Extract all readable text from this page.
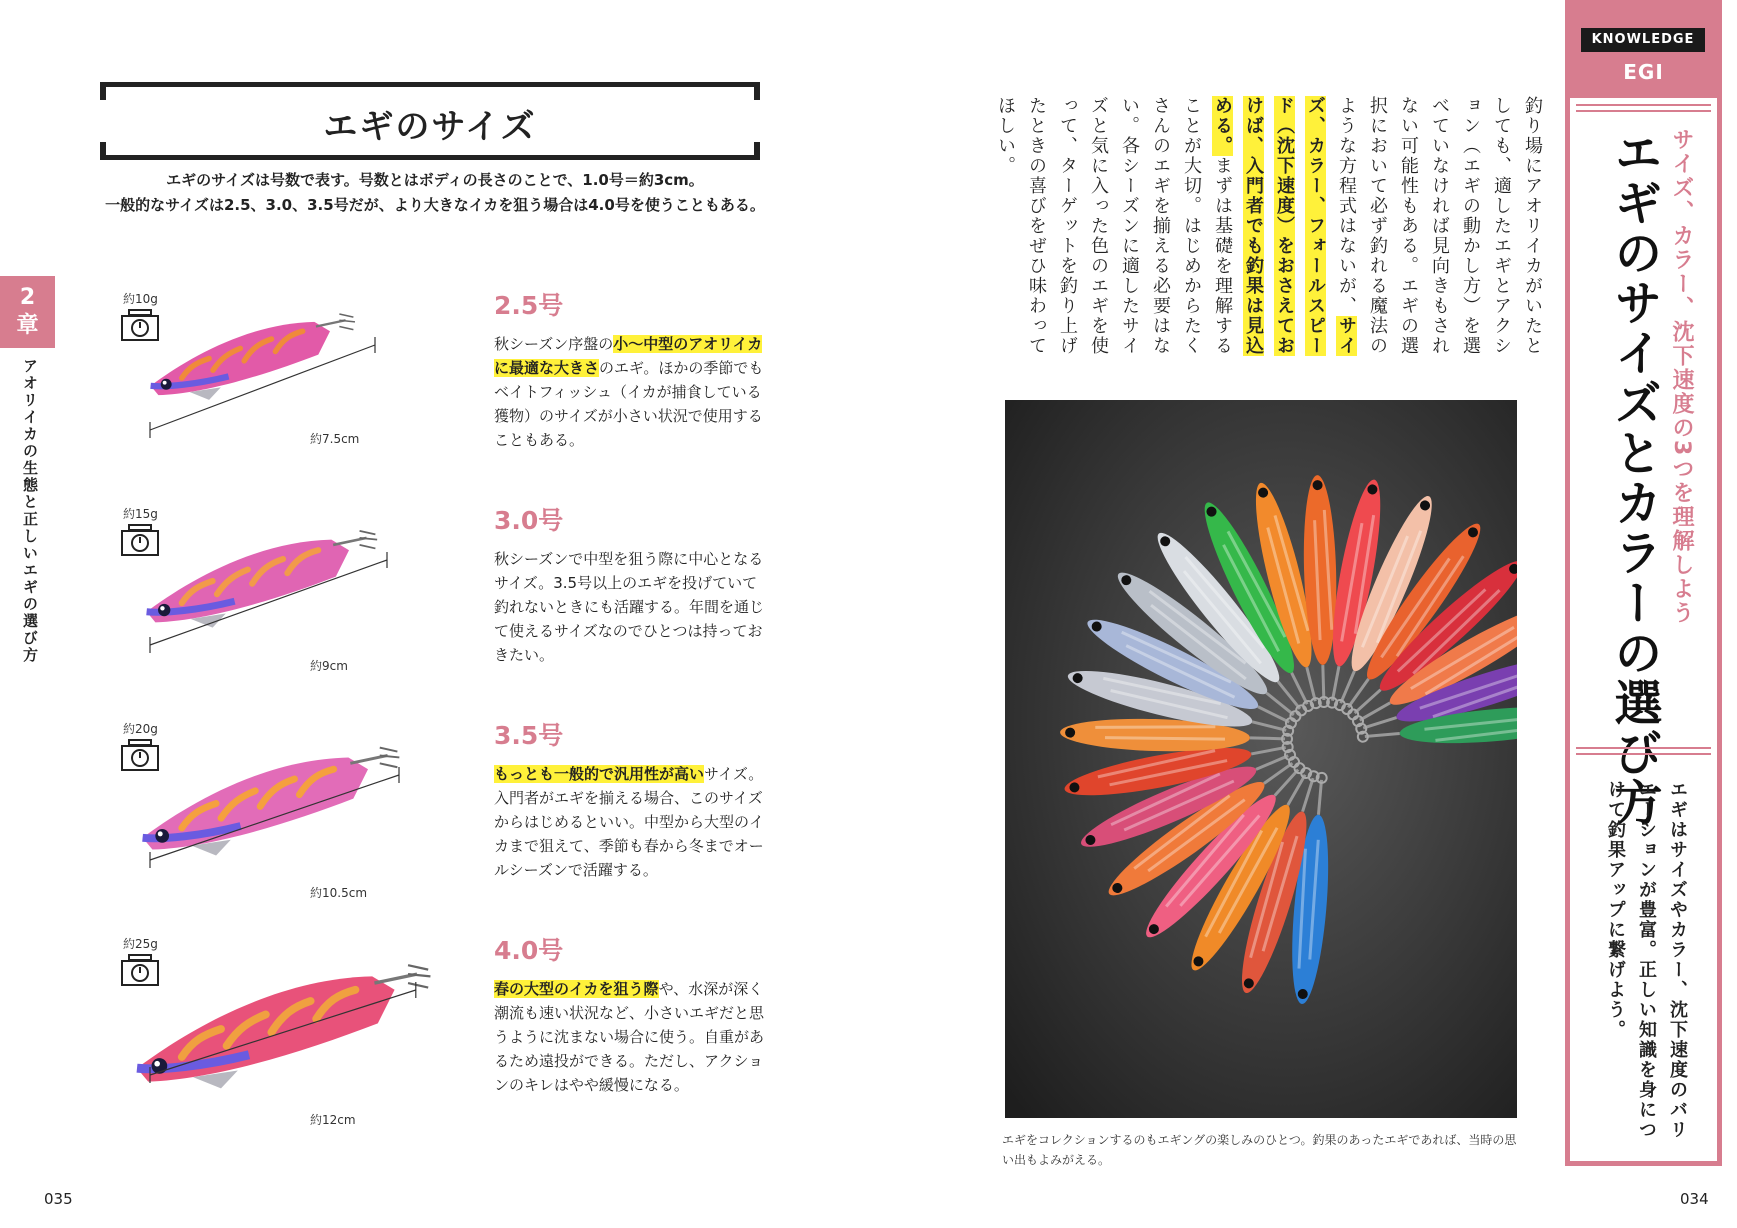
エギのサイズ
エギのサイズは号数で表す。号数とはボディの長さのことで、1.0号＝約3cm。
一般的なサイズは2.5、3.0、3.5号だが、より大きなイカを狙う場合は4.0号を使うこともある。
2
章
アオリイカの生態と正しいエギの選び方
約10g
約7.5cm
2.5号
秋シーズン序盤の小～中型のアオリイカに最適な大きさのエギ。ほかの季節でもベイトフィッシュ（イカが捕食している獲物）のサイズが小さい状況で使用することもある。
約15g
約9cm
3.0号
秋シーズンで中型を狙う際に中心となるサイズ。3.5号以上のエギを投げていて釣れないときにも活躍する。年間を通じて使えるサイズなのでひとつは持っておきたい。
約20g
約10.5cm
3.5号
もっとも一般的で汎用性が高いサイズ。入門者がエギを揃える場合、このサイズからはじめるといい。中型から大型のイカまで狙えて、季節も春から冬までオールシーズンで活躍する。
約25g
約12cm
4.0号
春の大型のイカを狙う際や、水深が深く潮流も速い状況など、小さいエギだと思うように沈まない場合に使う。自重があるため遠投ができる。ただし、アクションのキレはやや緩慢になる。
035
釣り場にアオリイカがいたとしても、適したエギとアクション（エギの動かし方）を選べていなければ見向きもされない可能性もある。エギの選択において必ず釣れる魔法のような方程式はないが、サイズ、カラー、フォールスピード（沈下速度）をおさえておけば、入門者でも釣果は見込める。まずは基礎を理解することが大切。はじめからたくさんのエギを揃える必要はない。各シーズンに適したサイズと気に入った色のエギを使って、ターゲットを釣り上げたときの喜びをぜひ味わってほしい。
エギをコレクションするのもエギングの楽しみのひとつ。釣果のあったエギであれば、当時の思い出もよみがえる。
KNOWLEDGE
EGI
サイズ、カラー、沈下速度の3つを理解しよう
エギのサイズとカラーの選び方
エギはサイズやカラー、沈下速度のバリエーションが豊富。正しい知識を身につけて釣果アップに繋げよう。
034
